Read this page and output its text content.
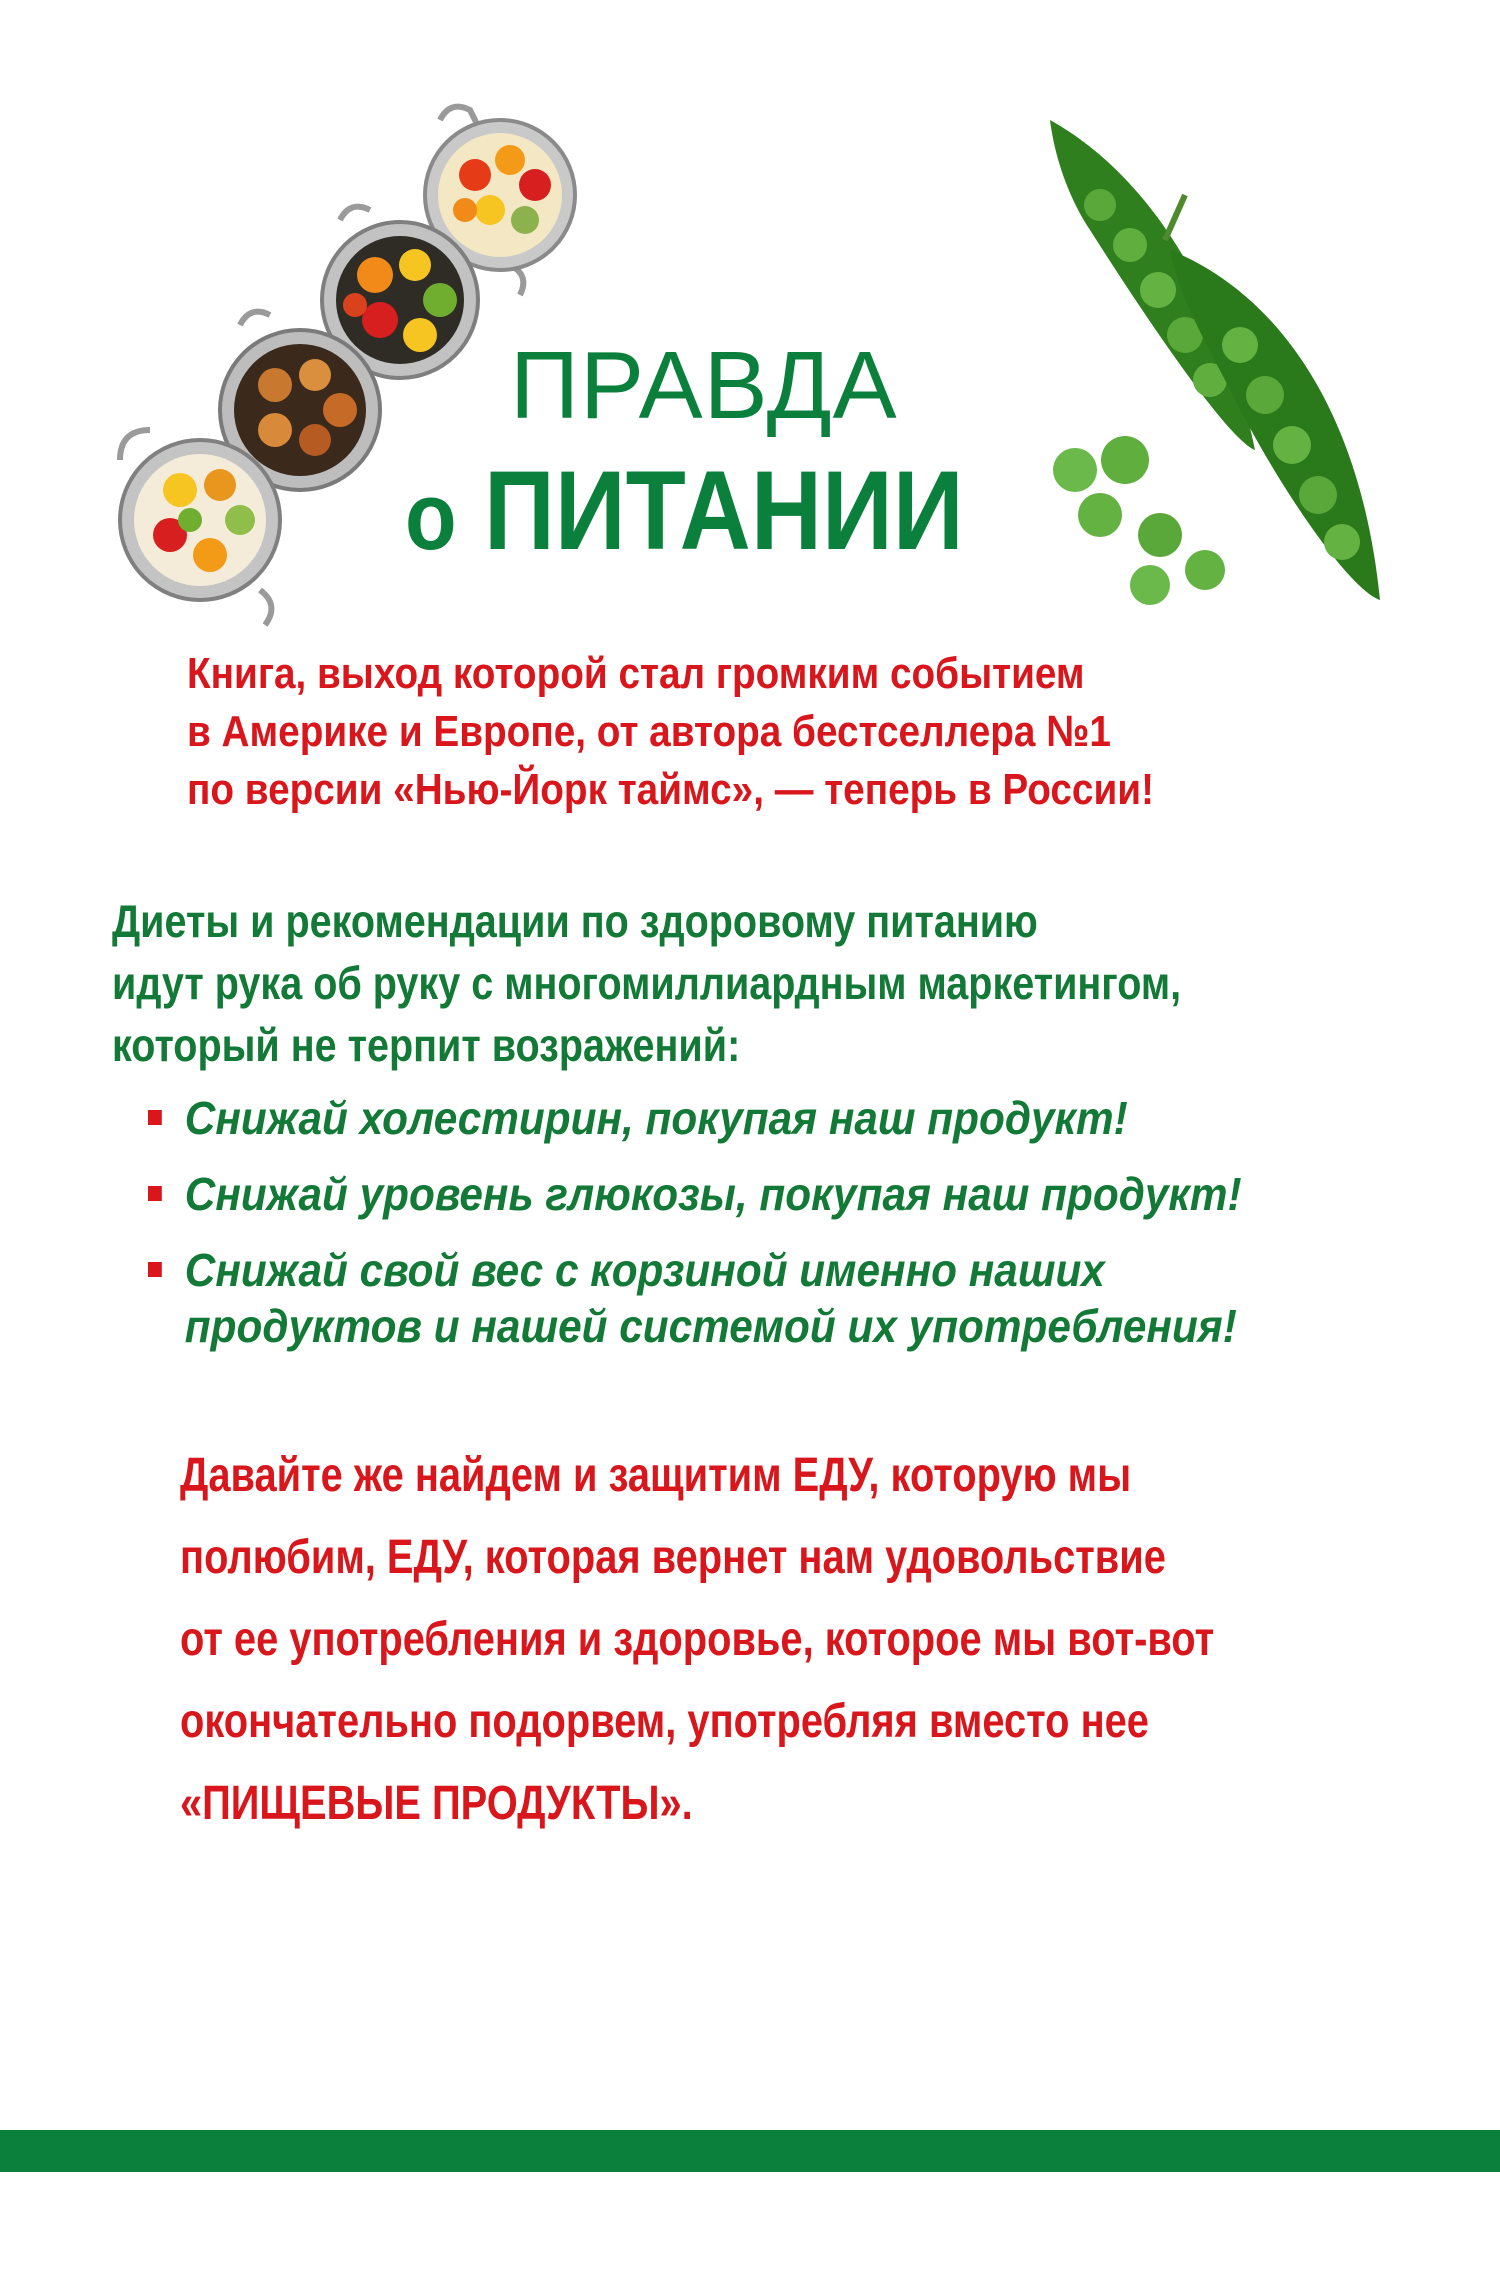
ПРАВДА
о ПИТАНИИ
Книга, выход которой стал громким событием
в Америке и Европе, от автора бестселлера №1
по версии «Нью-Йорк таймс», — теперь в России!
Диеты и рекомендации по здоровому питанию
идут рука об руку с многомиллиардным маркетингом,
который не терпит возражений:
Снижай холестирин, покупая наш продукт!
Снижай уровень глюкозы, покупая наш продукт!
Снижай свой вес с корзиной именно наших
продуктов и нашей системой их употребления!
Давайте же найдем и защитим ЕДУ, которую мы
полюбим, ЕДУ, которая вернет нам удовольствие
от ее употребления и здоровье, которое мы вот-вот
окончательно подорвем, употребляя вместо нее
«ПИЩЕВЫЕ ПРОДУКТЫ».
